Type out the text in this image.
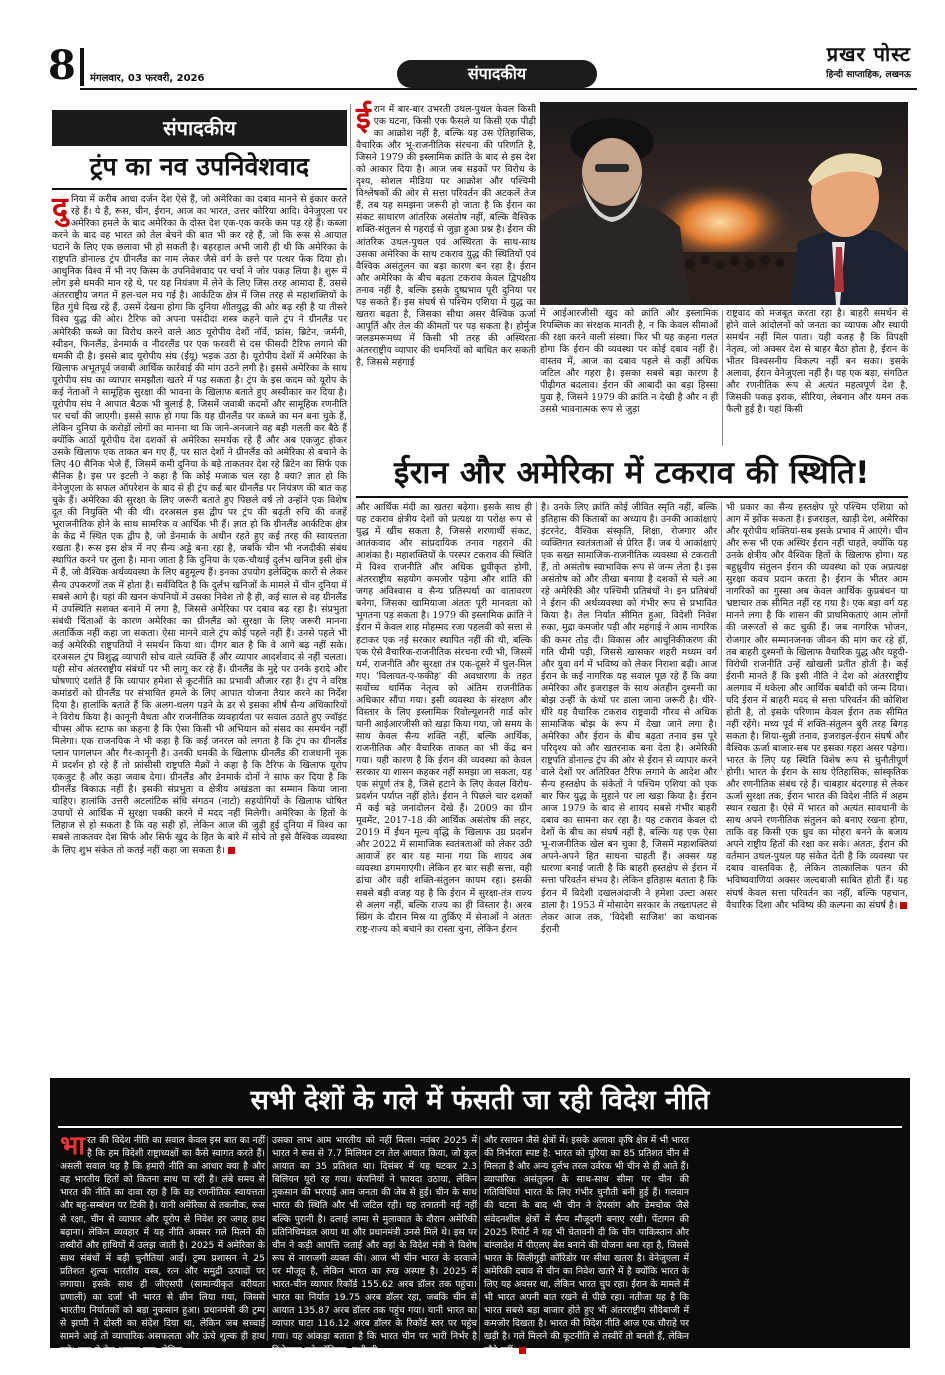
8 मंगलवार, 03 फरवरी, 2026	संपादकीय
प्रखर पोस्ट
हिन्दी साप्ताहिक, लखनऊ
संपादकीय
ट्रंप का नव उपनिवेशवाद
दुनिया में करीब आधा दर्जन देश ऐसे हैं, जो अमेरिका का दबाव मानने से इंकार करते रहे हैं। ये हैं, रूस, चीन, ईरान, आज का भारत, उत्तर कोरिया आदि। वेनेजुएला पर अमेरिका हमले के बाद अमेरिका के दोस्त देश एक-एक करके कम पड़ रहे हैं। कब्जा करने के बाद वह भारत को तेल बेचने की बात भी कर रहे हैं, जो कि रूस से आयात घटाने के लिए एक छलावा भी हो सकती है। बहरहाल अभी जारी ही थी कि अमेरिका के राष्ट्रपति डोनाल्ड ट्रंप ग्रीनलैंड का नाम लेकर जैसे वर्ग के छत्ते पर पत्थर फेंक दिया हो। आधुनिक विश्व में भी नए किस्म के उपनिवेशवाद पर चर्चा ने जोर पकड़ लिया है। शुरू में लोग इसे धमकी मान रहे थे, पर यह नियंत्रण में लेने के लिए जिस तरह आमादा हैं, उससे अंतरराष्ट्रीय जगत में हल-चल मच गई है। आर्कटिक क्षेत्र में जिस तरह से महाशक्तियों के हित गुंथे दिख रहे हैं, उसमें देखना होगा कि दुनिया शीतयुद्ध की ओर बढ़ रही है या तीसरे विश्व युद्ध की ओर। टैरिफ को अपना पसंदीदा शस्त्र कहने वाले ट्रंप ने ग्रीनलैंड पर अमेरिकी कब्जे का विरोध करने वाले आठ यूरोपीय देशों नॉर्वे, फ्रांस, ब्रिटेन, जर्मनी, स्वीडन, फिनलैंड, डेनमार्क व नीदरलैंड पर एक फरवरी से दस फीसदी टैरिफ लगाने की धमकी दी है। इससे बाद यूरोपीय संघ (ईयू) भड़क उठा है। यूरोपीय देशों में अमेरिका के खिलाफ अभूतपूर्व जवाबी आर्थिक कार्रवाई की मांग उठने लगी है। इससे अमेरिका के साथ यूरोपीय संघ का व्यापार समझौता खतरे में पड़ सकता है। ट्रंप के इस कदम को यूरोप के कई नेताओं ने सामूहिक सुरक्षा की भावना के खिलाफ बताते हुए अस्वीकार कर दिया है। यूरोपीय संघ ने आपात बैठक भी बुलाई है, जिसमें जवाबी कदमों और सामूहिक रणनीति पर चर्चा की जाएगी। इससे साफ हो गया कि यह ग्रीनलैंड पर कब्जे का मन बना चुके हैं, लेकिन दुनिया के करोड़ों लोगों का मानना था कि जाने-अनजाने वह बड़ी गलती कर बैठे हैं क्योंकि आठों यूरोपीय देश दशकों से अमेरिका समर्थक रहे हैं और अब एकजुट होकर उसके खिलाफ एक ताकत बन गए हैं, पर सात देशों ने ग्रीनलैंड को अमेरिका से बचाने के लिए 40 सैनिक भेजे हैं, जिसमें कमी दुनिया के बड़े ताकतवर देश रहे ब्रिटेन का सिर्फ एक सैनिक है। इस पर इटली ने कहा है कि कोई मजाक चल रहा है क्या? ज्ञात हो कि वेनेजुएला के सफल ऑपरेशन के बाद से ही ट्रंप कई बार ग्रीनलैंड पर नियंत्रण की बात कह चुके हैं। अमेरिका की सुरक्षा के लिए जरूरी बताते हुए पिछले वर्ष तो उन्होंने एक विशेष दूत की नियुक्ति भी की थी। दरअसल इस द्वीप पर ट्रंप की बढ़ती रुचि की वजहें भूराजनीतिक होने के साथ सामरिक व आर्थिक भी हैं। ज्ञात हो कि ग्रीनलैंड आर्कटिक क्षेत्र के केंद्र में स्थित एक द्वीप है, जो डेनमार्क के अधीन रहते हुए कई तरह की स्वायत्तता रखता है। रूस इस क्षेत्र में नए सैन्य अड्डे बना रहा है, जबकि चीन भी नजदीकी संबंध स्थापित करने पर तुला है। माना जाता है कि दुनिया के एक-चौथाई दुर्लभ खनिज इसी क्षेत्र में हैं, जो वैश्विक अर्थव्यवस्था के लिए बहुमूल्य हैं। इनका उपयोग इलेक्ट्रिक कारों से लेकर सैन्य उपकरणों तक में होता है। सर्वविदित है कि दुर्लभ खनिजों के मामले में चीन दुनिया में सबसे आगे है। यहां की खनन कंपनियों में उसका निवेश तो है ही, कई साल से वह ग्रीनलैंड में उपस्थिति सशक्त बनाने में लगा है, जिससे अमेरिका पर दबाव बढ़ रहा है। संप्रभुता संबंधी चिंताओं के कारण अमेरिका का ग्रीनलैंड को सुरक्षा के लिए जरूरी मानना अतार्किक नहीं कहा जा सकता। ऐसा मानने वाले ट्रंप कोई पहले नहीं हैं। उनसे पहले भी कई अमेरिकी राष्ट्रपतियों ने समर्थन किया था। दीगर बात है कि वे आगे बढ़ नहीं सके। दरअसल ट्रंप विशुद्ध व्यापारी सोच वाले व्यक्ति हैं और व्यापार आदर्शवाद से नहीं चलता। यही सोच अंतरराष्ट्रीय संबंधों पर भी लागू कर रहे हैं। ग्रीनलैंड के मुद्दे पर उनके इरादे और घोषणाएं दर्शाते हैं कि व्यापार हमेशा से कूटनीति का प्रभावी औजार रहा है। ट्रंप ने वरिष्ठ कमांडरों को ग्रीनलैंड पर संभावित हमले के लिए आपात योजना तैयार करने का निर्देश दिया है। हालांकि बताते हैं कि अलग-थलग पड़ने के डर से इसका शीर्ष सैन्य अधिकारियों ने विरोध किया है। कानूनी वैधता और राजनीतिक व्यवहार्यता पर सवाल उठाते हुए ज्वॉइंट चीफ्स ऑफ स्टाफ का कहना है कि ऐसा किसी भी अभियान को संसद का समर्थन नहीं मिलेगा। एक राजनयिक ने भी कहा है कि कई जनरल को लगता है कि ट्रंप का ग्रीनलैंड प्लान पागलपन और गैर-कानूनी है। उनकी धमकी के खिलाफ ग्रीनलैंड की राजधानी नूक में प्रदर्शन हो रहे हैं तो फ्रांसीसी राष्ट्रपति मैक्रों ने कहा है कि टैरिफ के खिलाफ यूरोप एकजुट है और कड़ा जवाब देगा। ग्रीनलैंड और डेनमार्क दोनों ने साफ कर दिया है कि ग्रीनलैंड बिकाऊ नहीं है। इसकी संप्रभुता व क्षेत्रीय अखंडता का सम्मान किया जाना चाहिए। हालांकि उत्तरी अटलांटिक संधि संगठन (नाटो) सहयोगियों के खिलाफ घोषित उपायों से आर्थिक में सुरक्षा पक्की करने में मदद नहीं मिलेगी। अमेरिका के हितों के लिहाज से हो सकता है कि वह सही हों, लेकिन आज की जुड़ी हुई दुनिया में विश्व का सबसे ताकतवर देश सिर्फ और सिर्फ खुद के हित के बारे में सोचे तो इसे वैश्विक व्यवस्था के लिए शुभ संकेत तो कतई नहीं कहा जा सकता है।
ईरान में बार-बार उभरती उथल-पुथल केवल किसी एक घटना, किसी एक फैसले या किसी एक पीढ़ी का आक्रोश नहीं है, बल्कि यह उस ऐतिहासिक, वैचारिक और भू-राजनीतिक संरचना की परिणति है, जिसने 1979 की इस्लामिक क्रांति के बाद से इस देश को आकार दिया है। आज जब सड़कों पर विरोध के दृश्य, सोशल मीडिया पर आक्रोश और पश्चिमी विश्लेषकों की ओर से सत्ता परिवर्तन की अटकलें तेज हैं, तब यह समझना जरूरी हो जाता है कि ईरान का संकट साधारण आंतरिक असंतोष नहीं, बल्कि वैश्विक शक्ति-संतुलन से गहराई से जुड़ा हुआ प्रश्न है। ईरान की आंतरिक उथल-पुथल एवं अस्थिरता के साथ-साथ उसका अमेरिका के साथ टकराव युद्ध की स्थितियों एवं वैश्विक असंतुलन का बड़ा कारण बन रहा है। ईरान और अमेरिका के बीच बढ़ता टकराव केवल द्विपक्षीय तनाव नहीं है, बल्कि इसके दुष्प्रभाव पूरी दुनिया पर पड़ सकते हैं। इस संघर्ष से पश्चिम एशिया में युद्ध का खतरा बढ़ता है, जिसका सीधा असर वैश्विक ऊर्जा आपूर्ति और तेल की कीमतों पर पड़ सकता है। होर्मुज जलडमरूमध्य में किसी भी तरह की अस्थिरता अंतरराष्ट्रीय व्यापार की धमनियों को बाधित कर सकती है, जिससे महंगाई
में आईआरजीसी खुद को क्रांति और इस्लामिक रिपब्लिक का संरक्षक मानती है, न कि केवल सीमाओं की रक्षा करने वाली संस्था। फिर भी यह कहना गलत होगा कि ईरान की व्यवस्था पर कोई दबाव नहीं है। वास्तव में, आज का दबाव पहले से कहीं अधिक जटिल और गहरा है। इसका सबसे बड़ा कारण है पीढ़ीगत बदलाव। ईरान की आबादी का बड़ा हिस्सा युवा है, जिसने 1979 की क्रांति न देखी है और न ही उससे भावनात्मक रूप से जुड़ा
राष्ट्रवाद को मजबूत करता रहा है। बाहरी समर्थन से होने वाले आंदोलनों को जनता का व्यापक और स्थायी समर्थन नहीं मिल पाता। यही वजह है कि विपक्षी नेतृत्व, जो अक्सर देश से बाहर बैठा होता है, ईरान के भीतर विश्वसनीय विकल्प नहीं बन सका। इसके अलावा, ईरान वेनेजुएला नहीं है। यह एक बड़ा, संगठित और रणनीतिक रूप से अत्यंत महत्वपूर्ण देश है, जिसकी पकड़ इराक, सीरिया, लेबनान और यमन तक फैली हुई है। यहां किसी
ईरान और अमेरिका में टकराव की स्थिति!
और आर्थिक मंदी का खतरा बढ़ेगा। इसके साथ ही यह टकराव क्षेत्रीय देशों को प्रत्यक्ष या परोक्ष रूप से युद्ध में खींच सकता है, जिससे शरणार्थी संकट, आतंकवाद और सांप्रदायिक तनाव गहराने की आशंका है। महाशक्तियों के परस्पर टकराव की स्थिति में विश्व राजनीति और अधिक ध्रुवीकृत होगी, अंतरराष्ट्रीय सहयोग कमजोर पड़ेगा और शांति की जगह अविश्वास व सैन्य प्रतिस्पर्धा का वातावरण बनेगा, जिसका खामियाजा अंततः पूरी मानवता को भुगतना पड़ सकता है। 1979 की इस्लामिक क्रांति ने ईरान में केवल शाह मोहम्मद रजा पहलवी को सत्ता से हटाकर एक नई सरकार स्थापित नहीं की थी, बल्कि एक ऐसे वैचारिक-राजनीतिक संरचना रची भी, जिसमें धर्म, राजनीति और सुरक्षा तंत्र एक-दूसरे में घुल-मिल गए। 'विलायत-ए-फकीह' की अवधारणा के तहत सर्वोच्च धार्मिक नेतृत्व को अंतिम राजनीतिक अधिकार सौंपा गया। इसी व्यवस्था के संरक्षण और विस्तार के लिए इस्लामिक रिवोल्यूशनरी गार्ड कोर यानी आईआरजीसी को खड़ा किया गया, जो समय के साथ केवल सैन्य शक्ति नहीं, बल्कि आर्थिक, राजनीतिक और वैचारिक ताकत का भी केंद्र बन गया। यही कारण है कि ईरान की व्यवस्था को केवल सरकार या शासन कहकर नहीं समझा जा सकता, यह एक संपूर्ण तंत्र है, जिसे हटाने के लिए केवल विरोध-प्रदर्शन पर्याप्त नहीं होते। ईरान ने पिछले चार दशकों में कई बड़े जनांदोलन देखे हैं। 2009 का ग्रीन मूवमेंट, 2017-18 की आर्थिक असंतोष की लहर, 2019 में ईंधन मूल्य वृद्धि के खिलाफ उग्र प्रदर्शन और 2022 में सामाजिक स्वतंत्रताओं को लेकर उठी आवाजें हर बार यह माना गया कि शायद अब व्यवस्था डगमगाएगी। लेकिन हर बार सही सत्ता, वही ढांचा और वही शक्ति-संतुलन कायम रहा। इसकी सबसे बड़ी वजह यह है कि ईरान में सुरक्षा-तंत्र राज्य से अलग नहीं, बल्कि राज्य का ही विस्तार है। अरब स्प्रिंग के दौरान मिस्र या तुर्किए में सेनाओं ने अंततः राष्ट्र-राज्य को बचाने का रास्ता चुना, लेकिन ईरान
है। उनके लिए क्रांति कोई जीवित स्मृति नहीं, बल्कि इतिहास की किताबों का अध्याय है। उनकी आकांक्षाएं इंटरनेट, वैश्विक संस्कृति, शिक्षा, रोजगार और व्यक्तिगत स्वतंत्रताओं से प्रेरित हैं। जब ये आकांक्षाएं एक सख्त सामाजिक-राजनीतिक व्यवस्था से टकराती हैं, तो असंतोष स्वाभाविक रूप से जन्म लेता है। इस असंतोष को और तीखा बनाया है दशकों से चले आ रहे अमेरिकी और पश्चिमी प्रतिबंधों ने। इन प्रतिबंधों ने ईरान की अर्थव्यवस्था को गंभीर रूप से प्रभावित किया है। तेल निर्यात सीमित हुआ, विदेशी निवेश रुका, मुद्रा कमजोर पड़ी और महंगाई ने आम नागरिक की कमर तोड़ दी। विकास और आधुनिकीकरण की गति धीमी पड़ी, जिससे खासकर शहरी मध्यम वर्ग और युवा वर्ग में भविष्य को लेकर निराशा बढ़ी। आज ईरान के कई नागरिक यह सवाल पूछ रहे हैं कि क्या अमेरिका और इजराइल के साथ अंतहीन दुश्मनी का बोझ उन्हीं के कंधों पर डाला जाना जरूरी है। धीरे-धीरे यह वैचारिक टकराव राष्ट्रवादी गौरव से अधिक सामाजिक बोझ के रूप में देखा जाने लगा है। अमेरिका और ईरान के बीच बढ़ता तनाव इस पूरे परिदृश्य को और खतरनाक बना देता है। अमेरिकी राष्ट्रपति डोनाल्ड ट्रंप की ओर से ईरान से व्यापार करने वाले देशों पर अतिरिक्त टैरिफ लगाने के आदेश और सैन्य हस्तक्षेप के संकेतों ने पश्चिम एशिया को एक बार फिर युद्ध के मुहाने पर ला खड़ा किया है। ईरान आज 1979 के बाद से शायद सबसे गंभीर बाहरी दबाव का सामना कर रहा है। यह टकराव केवल दो देशों के बीच का संघर्ष नहीं है, बल्कि यह एक ऐसा भू-राजनीतिक खेल बन चुका है, जिसमें महाशक्तियां अपने-अपने हित साधना चाहती हैं। अक्सर यह धारणा बनाई जाती है कि बाहरी हस्तक्षेप से ईरान में सत्ता परिवर्तन संभव है। लेकिन इतिहास बताता है कि ईरान में विदेशी दखलअंदाजी ने हमेशा उल्टा असर डाला है। 1953 में मोसादेग सरकार के तख्तापलट से लेकर आज तक, 'विदेशी साजिश' का कथानक ईरानी
भी प्रकार का सैन्य हस्तक्षेप पूरे पश्चिम एशिया को आग में झोंक सकता है। इजराइल, खाड़ी देश, अमेरिका और यूरोपीय शक्तियां-सब इसके प्रभाव में आएंगे। चीन और रूस भी एक अस्थिर ईरान नहीं चाहते, क्योंकि यह उनके क्षेत्रीय और वैश्विक हितों के खिलाफ होगा। यह बहुध्रुवीय संतुलन ईरान की व्यवस्था को एक अप्रत्यक्ष सुरक्षा कवच प्रदान करता है। ईरान के भीतर आम नागरिकों का गुस्सा अब केवल आर्थिक कुप्रबंधन या भ्रष्टाचार तक सीमित नहीं रह गया है। एक बड़ा वर्ग यह मानने लगा है कि शासन की प्राथमिकताएं आम लोगों की जरूरतों से कट चुकी हैं। जब नागरिक भोजन, रोजगार और सम्मानजनक जीवन की मांग कर रहे हों, तब बाहरी दुश्मनों के खिलाफ वैचारिक युद्ध और यहूदी-विरोधी राजनीति उन्हें खोखली प्रतीत होती है। कई ईरानी मानते हैं कि इसी नीति ने देश को अंतरराष्ट्रीय अलगाव में धकेला और आर्थिक बर्बादी को जन्म दिया। यदि ईरान में बाहरी मदद से सत्ता परिवर्तन की कोशिश होती है, तो इसके परिणाम केवल ईरान तक सीमित नहीं रहेंगे। मध्य पूर्व में शक्ति-संतुलन बुरी तरह बिगड़ सकता है। शिया-सुन्नी तनाव, इजराइल-ईरान संघर्ष और वैश्विक ऊर्जा बाजार-सब पर इसका गहरा असर पड़ेगा। भारत के लिए यह स्थिति विशेष रूप से चुनौतीपूर्ण होगी। भारत के ईरान के साथ ऐतिहासिक, सांस्कृतिक और रणनीतिक संबंध रहे हैं। चाबहार बंदरगाह से लेकर ऊर्जा सुरक्षा तक, ईरान भारत की विदेश नीति में अहम स्थान रखता है। ऐसे में भारत को अत्यंत सावधानी के साथ अपने रणनीतिक संतुलन को बनाए रखना होगा, ताकि वह किसी एक ध्रुव का मोहरा बनने के बजाय अपने राष्ट्रीय हितों की रक्षा कर सके। अंततः, ईरान की वर्तमान उथल-पुथल यह संकेत देती है कि व्यवस्था पर दबाव वास्तविक है, लेकिन तात्कालिक पतन की भविष्यवाणियां अक्सर जल्दबाजी साबित होती हैं। यह संघर्ष केवल सत्ता परिवर्तन का नहीं, बल्कि पहचान, वैचारिक दिशा और भविष्य की कल्पना का संघर्ष है।
सभी देशों के गले में फंसती जा रही विदेश नीति
भारत की विदेश नीति का सवाल केवल इस बात का नहीं है कि हम विदेशी राष्ट्राध्यक्षों का कैसे स्वागत करते हैं। असली सवाल यह है कि हमारी नीति का आधार क्या है और वह भारतीय हितों को कितना साध पा रही है। लंबे समय से भारत की नीति का दावा रहा है कि वह रणनीतिक स्वायत्तता और बहु-सम्बंधन पर टिकी है। यानी अमेरिका से तकनीक, रूस से रक्षा, चीन से व्यापार और यूरोप से निवेश हर जगह हाथ बढ़ाना। लेकिन व्यवहार में यह नीति अक्सर गले मिलने की तस्वीरों और हाथियों में उलझ जाती है। 2025 में अमेरिका के साथ संबंधों में बड़ी चुनौतियां आईं। ट्रम्प प्रशासन ने 25 प्रतिशत शुल्क भारतीय वस्त्र, रत्न और समुद्री उत्पादों पर लगाया। इसके साथ ही जीएसपी (सामान्यीकृत वरीयता प्रणाली) का दर्जा भी भारत से छीन लिया गया, जिससे भारतीय निर्यातकों को बड़ा नुकसान हुआ। प्रधानमंत्री की ट्रम्प से झप्पी ने दोस्ती का संदेश दिया था, लेकिन जब सच्चाई सामने आई तो व्यापारिक असफलता और ऊंचे शुल्क ही हाथ लगे। रूस से तेल आयात बढ़ा, लेकिन
उसका लाभ आम भारतीय को नहीं मिला। नवंबर 2025 में भारत ने रूस से 7.7 मिलियन टन तेल आयात किया, जो कुल आयात का 35 प्रतिशत था। दिसंबर में यह घटकर 2.3 बिलियन यूरो रह गया। कंपनियों ने फायदा उठाया, लेकिन नुकसान की भरपाई आम जनता की जेब से हुई। चीन के साथ भारत की स्थिति और भी जटिल रही। यह तनातनी नई नहीं बल्कि पुरानी है। दलाई लामा से मुलाकात के दौरान अमेरिकी प्रतिनिधिमंडल आया था और प्रधानमंत्री उनसे मिले थे। इस पर चीन ने कड़ी आपत्ति जताई और वहां के विदेश मंत्री ने विशेष रूप से नाराजगी व्यक्त की। आज भी चीन भारत के दरवाजे पर मौजूद है, लेकिन भारत का रुख अस्पष्ट है। 2025 में भारत-चीन व्यापार रिकॉर्ड 155.62 अरब डॉलर तक पहुंचा। भारत का निर्यात 19.75 अरब डॉलर रहा, जबकि चीन से आयात 135.87 अरब डॉलर तक पहुंच गया। यानी भारत का व्यापार घाटा 116.12 अरब डॉलर के रिकॉर्ड स्तर पर पहुंच गया। यह आंकड़ा बताता है कि भारत चीन पर भारी निर्भर है विशेषकर इलेक्ट्रॉनिक्स, मशीनरी
और रसायन जैसे क्षेत्रों में। इसके अलावा कृषि क्षेत्र में भी भारत की निर्भरता स्पष्ट है: भारत को यूरिया का 85 प्रतिशत चीन से मिलता है और अन्य दुर्लभ तरल उर्वरक भी चीन से ही आते हैं। व्यापारिक असंतुलन के साथ-साथ सीमा पर चीन की गतिविधियां भारत के लिए गंभीर चुनौती बनी हुई हैं। गलवान की घटना के बाद भी चीन ने देपसांग और डेमचोक जैसे संवेदनशील क्षेत्रों में सैन्य मौजूदगी बनाए रखी। पेंटागन की 2025 रिपोर्ट ने यह भी चेतावनी दी कि चीन पाकिस्तान और बांग्लादेश में पीएलए बेस बनाने की योजना बना रहा है, जिससे भारत के सिलीगुड़ी कॉरिडोर पर सीधा खतरा है। वेनेजुएला में अमेरिकी दबाव से चीन का निवेश खतरे में है क्योंकि भारत के लिए यह अवसर था, लेकिन भारत चुप रहा। ईरान के मामले में भी भारत अपनी बात रखने से पीछे रहा। नतीजा यह है कि भारत सबसे बड़ा बाजार होते हुए भी अंतरराष्ट्रीय सौदेबाजी में कमजोर दिखता है। भारत की विदेश नीति आज एक चौराहे पर खड़ी है। गले मिलने की कूटनीति से तस्वीरें तो बनती हैं, लेकिन सौदे नहीं।
